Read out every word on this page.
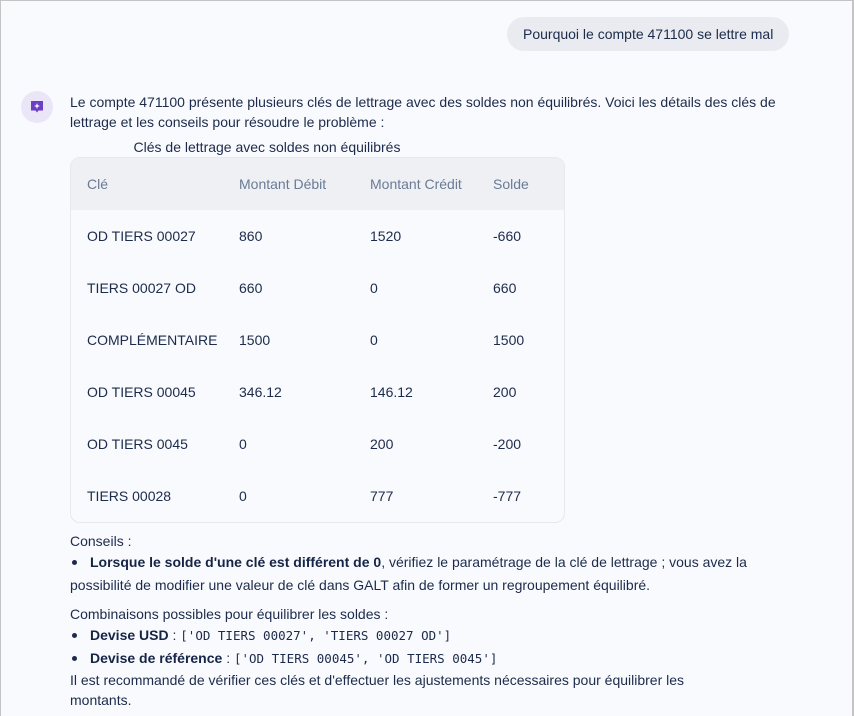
Pourquoi le compte 471100 se lettre mal

Le compte 471100 présente plusieurs clés de lettrage avec des soldes non équilibrés. Voici les détails des clés de lettrage et les conseils pour résoudre le problème :

Clés de lettrage avec soldes non équilibrés
Clé	Montant Débit	Montant Crédit	Solde
OD TIERS 00027	860	1520	-660
TIERS 00027 OD	660	0	660
COMPLÉMENTAIRE	1500	0	1500
OD TIERS 00045	346.12	146.12	200
OD TIERS 0045	0	200	-200
TIERS 00028	0	777	-777

Conseils :

Lorsque le solde d'une clé est différent de 0, vérifiez le paramétrage de la clé de lettrage ; vous avez la
possibilité de modifier une valeur de clé dans GALT afin de former un regroupement équilibré.

Combinaisons possibles pour équilibrer les soldes :

Devise USD : ['OD TIERS 00027', 'TIERS 00027 OD']
Devise de référence : ['OD TIERS 00045', 'OD TIERS 0045']

Il est recommandé de vérifier ces clés et d'effectuer les ajustements nécessaires pour équilibrer les
montants.
